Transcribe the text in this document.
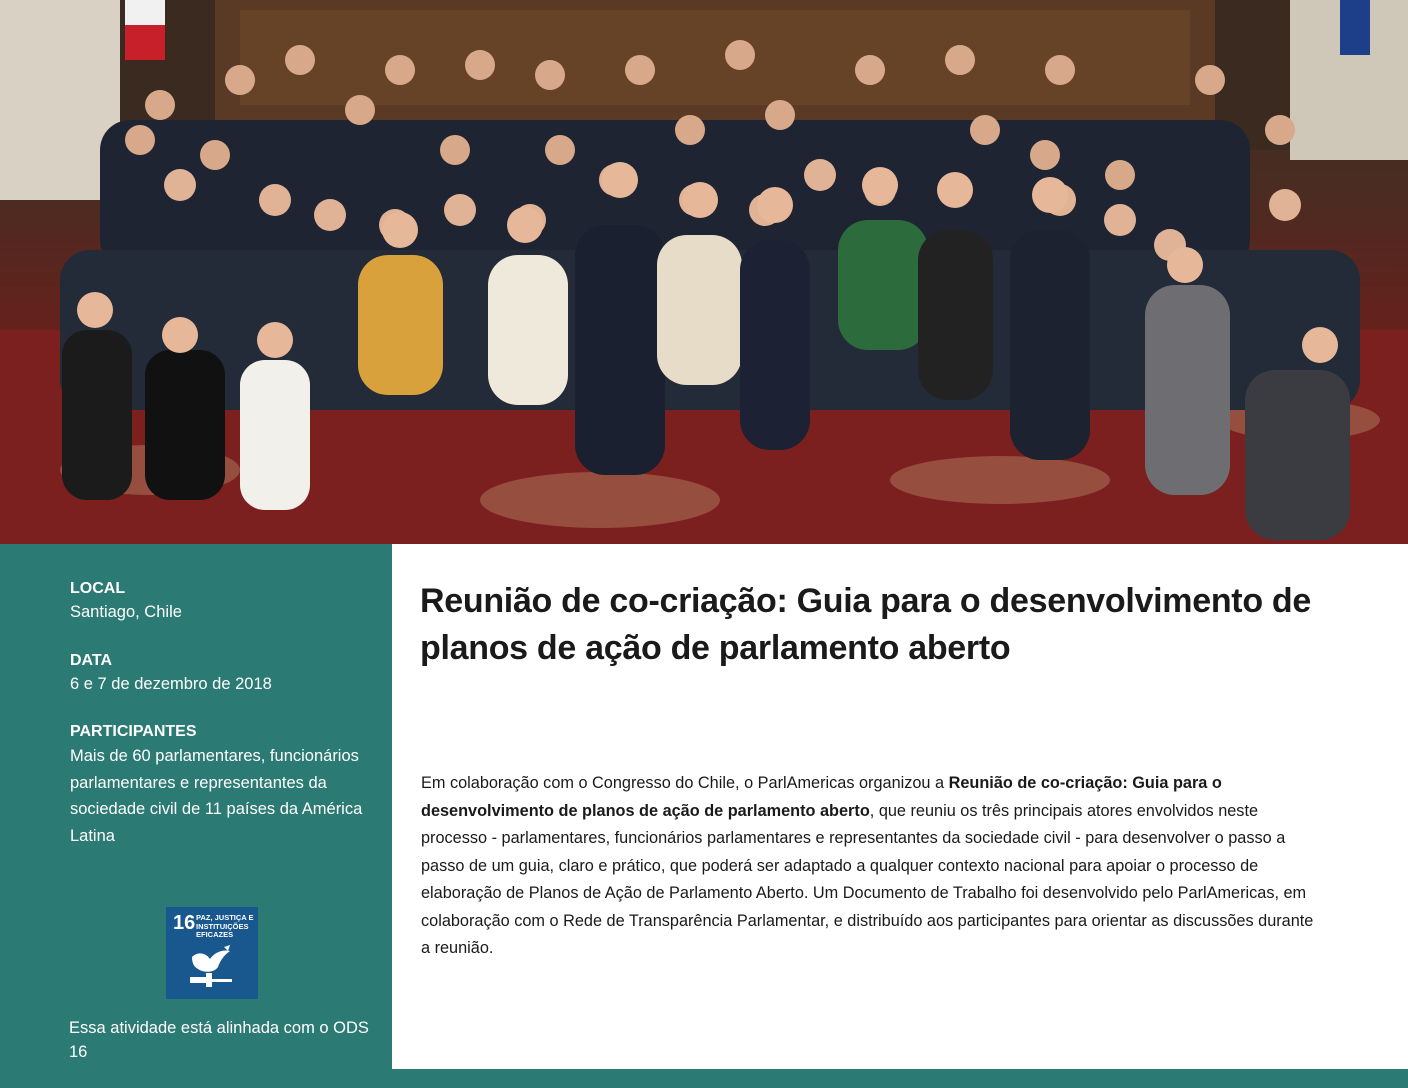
LOCAL
Santiago, Chile
DATA
6 e 7 de dezembro de 2018
PARTICIPANTES
Mais de 60 parlamentares, funcionários parlamentares e representantes da sociedade civil de 11 países da América Latina
16 PAZ, JUSTIÇA E INSTITUIÇÕES EFICAZES
Essa atividade está alinhada com o ODS 16
Reunião de co-criação: Guia para o desenvolvimento de planos de ação de parlamento aberto
Em colaboração com o Congresso do Chile, o ParlAmericas organizou a Reunião de co-criação: Guia para o desenvolvimento de planos de ação de parlamento aberto, que reuniu os três principais atores envolvidos neste processo - parlamentares, funcionários parlamentares e representantes da sociedade civil - para desenvolver o passo a passo de um guia, claro e prático, que poderá ser adaptado a qualquer contexto nacional para apoiar o processo de elaboração de Planos de Ação de Parlamento Aberto. Um Documento de Trabalho foi desenvolvido pelo ParlAmericas, em colaboração com o Rede de Transparência Parlamentar, e distribuído aos participantes para orientar as discussões durante a reunião.
